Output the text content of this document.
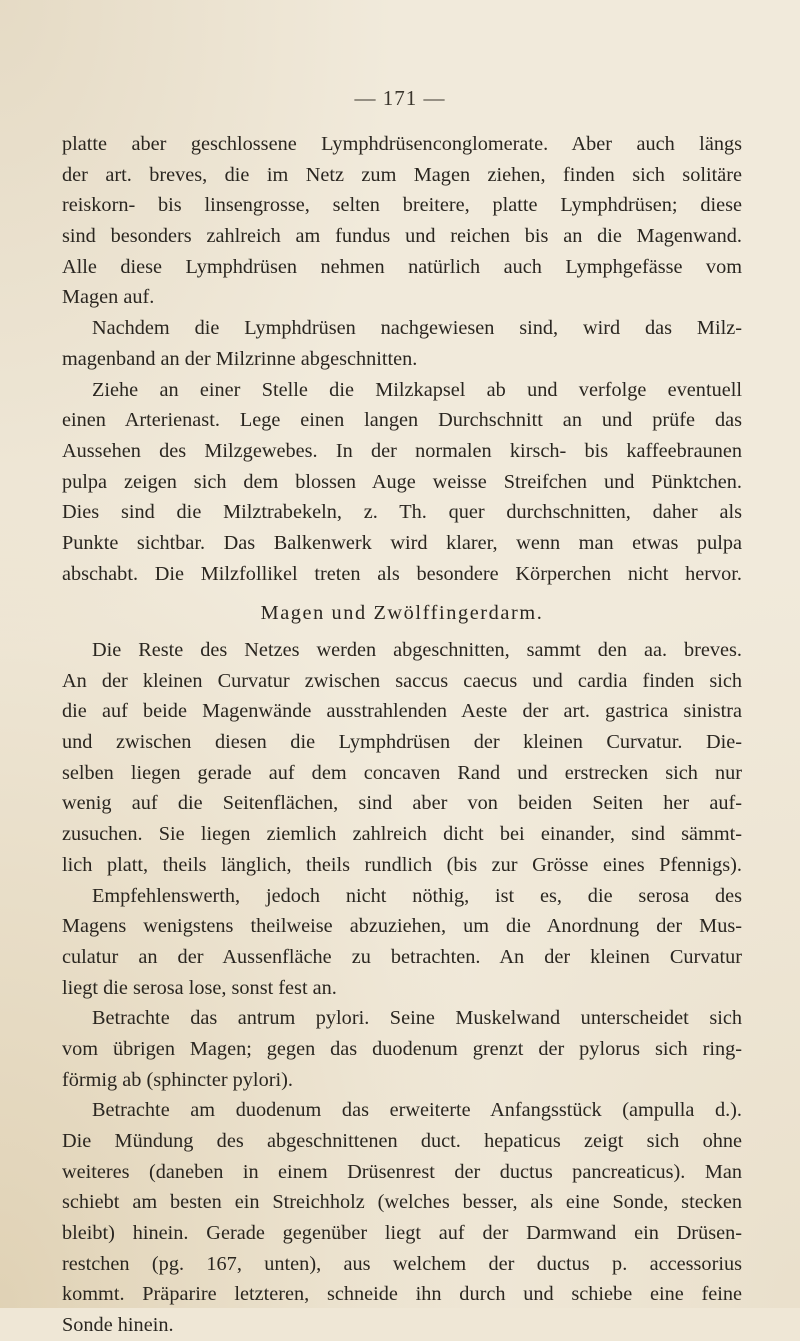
— 171 —
platte aber geschlossene Lymphdrüsenconglomerate. Aber auch längs
der art. breves, die im Netz zum Magen ziehen, finden sich solitäre
reiskorn- bis linsengrosse, selten breitere, platte Lymphdrüsen; diese
sind besonders zahlreich am fundus und reichen bis an die Magenwand.
Alle diese Lymphdrüsen nehmen natürlich auch Lymphgefässe vom
Magen auf.
Nachdem die Lymphdrüsen nachgewiesen sind, wird das Milz-
magenband an der Milzrinne abgeschnitten.
Ziehe an einer Stelle die Milzkapsel ab und verfolge eventuell
einen Arterienast. Lege einen langen Durchschnitt an und prüfe das
Aussehen des Milzgewebes. In der normalen kirsch- bis kaffeebraunen
pulpa zeigen sich dem blossen Auge weisse Streifchen und Pünktchen.
Dies sind die Milztrabekeln, z. Th. quer durchschnitten, daher als
Punkte sichtbar. Das Balkenwerk wird klarer, wenn man etwas pulpa
abschabt. Die Milzfollikel treten als besondere Körperchen nicht hervor.
Magen und Zwölffingerdarm.
Die Reste des Netzes werden abgeschnitten, sammt den aa. breves.
An der kleinen Curvatur zwischen saccus caecus und cardia finden sich
die auf beide Magenwände ausstrahlenden Aeste der art. gastrica sinistra
und zwischen diesen die Lymphdrüsen der kleinen Curvatur. Die-
selben liegen gerade auf dem concaven Rand und erstrecken sich nur
wenig auf die Seitenflächen, sind aber von beiden Seiten her auf-
zusuchen. Sie liegen ziemlich zahlreich dicht bei einander, sind sämmt-
lich platt, theils länglich, theils rundlich (bis zur Grösse eines Pfennigs).
Empfehlenswerth, jedoch nicht nöthig, ist es, die serosa des
Magens wenigstens theilweise abzuziehen, um die Anordnung der Mus-
culatur an der Aussenfläche zu betrachten. An der kleinen Curvatur
liegt die serosa lose, sonst fest an.
Betrachte das antrum pylori. Seine Muskelwand unterscheidet sich
vom übrigen Magen; gegen das duodenum grenzt der pylorus sich ring-
förmig ab (sphincter pylori).
Betrachte am duodenum das erweiterte Anfangsstück (ampulla d.).
Die Mündung des abgeschnittenen duct. hepaticus zeigt sich ohne
weiteres (daneben in einem Drüsenrest der ductus pancreaticus). Man
schiebt am besten ein Streichholz (welches besser, als eine Sonde, stecken
bleibt) hinein. Gerade gegenüber liegt auf der Darmwand ein Drüsen-
restchen (pg. 167, unten), aus welchem der ductus p. accessorius
kommt. Präparire letzteren, schneide ihn durch und schiebe eine feine
Sonde hinein.
